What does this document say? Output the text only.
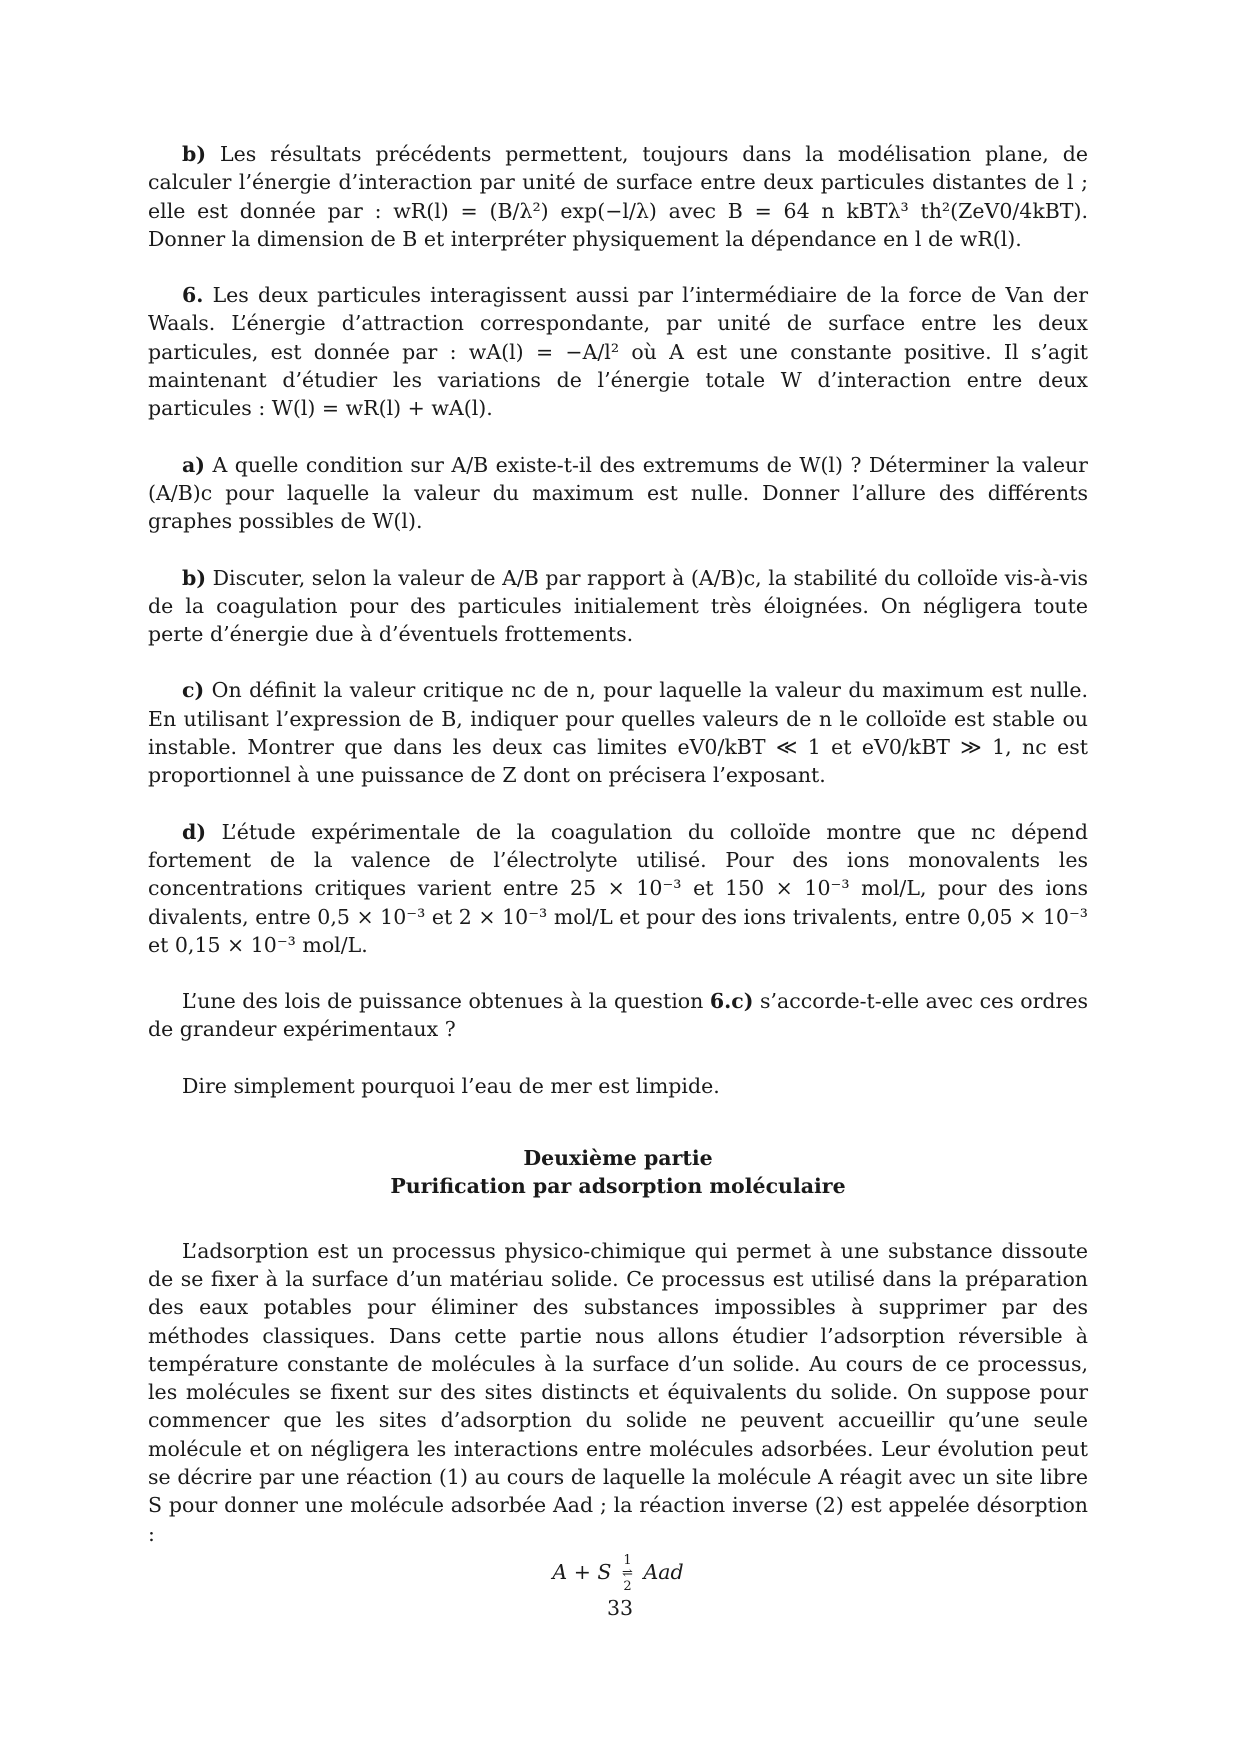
b) Les résultats précédents permettent, toujours dans la modélisation plane, de calculer l’énergie d’interaction par unité de surface entre deux particules distantes de l ; elle est donnée par : wR(l) = (B/λ²) exp(−l/λ) avec B = 64 n kBTλ³ th²(ZeV0/4kBT). Donner la dimension de B et interpréter physiquement la dépendance en l de wR(l).

6. Les deux particules interagissent aussi par l’intermédiaire de la force de Van der Waals. L’énergie d’attraction correspondante, par unité de surface entre les deux particules, est donnée par : wA(l) = −A/l² où A est une constante positive. Il s’agit maintenant d’étudier les variations de l’énergie totale W d’interaction entre deux particules : W(l) = wR(l) + wA(l).

a) A quelle condition sur A/B existe-t-il des extremums de W(l) ? Déterminer la valeur (A/B)c pour laquelle la valeur du maximum est nulle. Donner l’allure des différents graphes possibles de W(l).

b) Discuter, selon la valeur de A/B par rapport à (A/B)c, la stabilité du colloïde vis-à-vis de la coagulation pour des particules initialement très éloignées. On négligera toute perte d’énergie due à d’éventuels frottements.

c) On définit la valeur critique nc de n, pour laquelle la valeur du maximum est nulle. En utilisant l’expression de B, indiquer pour quelles valeurs de n le colloïde est stable ou instable. Montrer que dans les deux cas limites eV0/kBT ≪ 1 et eV0/kBT ≫ 1, nc est proportionnel à une puissance de Z dont on précisera l’exposant.

d) L’étude expérimentale de la coagulation du colloïde montre que nc dépend fortement de la valence de l’électrolyte utilisé. Pour des ions monovalents les concentrations critiques varient entre 25 × 10⁻³ et 150 × 10⁻³ mol/L, pour des ions divalents, entre 0,5 × 10⁻³ et 2 × 10⁻³ mol/L et pour des ions trivalents, entre 0,05 × 10⁻³ et 0,15 × 10⁻³ mol/L.

L’une des lois de puissance obtenues à la question 6.c) s’accorde-t-elle avec ces ordres de grandeur expérimentaux ?

Dire simplement pourquoi l’eau de mer est limpide.

Deuxième partie

Purification par adsorption moléculaire

L’adsorption est un processus physico-chimique qui permet à une substance dissoute de se fixer à la surface d’un matériau solide. Ce processus est utilisé dans la préparation des eaux potables pour éliminer des substances impossibles à supprimer par des méthodes classiques. Dans cette partie nous allons étudier l’adsorption réversible à température constante de molécules à la surface d’un solide. Au cours de ce processus, les molécules se fixent sur des sites distincts et équivalents du solide. On suppose pour commencer que les sites d’adsorption du solide ne peuvent accueillir qu’une seule molécule et on négligera les interactions entre molécules adsorbées. Leur évolution peut se décrire par une réaction (1) au cours de laquelle la molécule A réagit avec un site libre S pour donner une molécule adsorbée Aad ; la réaction inverse (2) est appelée désorption :

A + S 1
⇌
2 Aad

33
